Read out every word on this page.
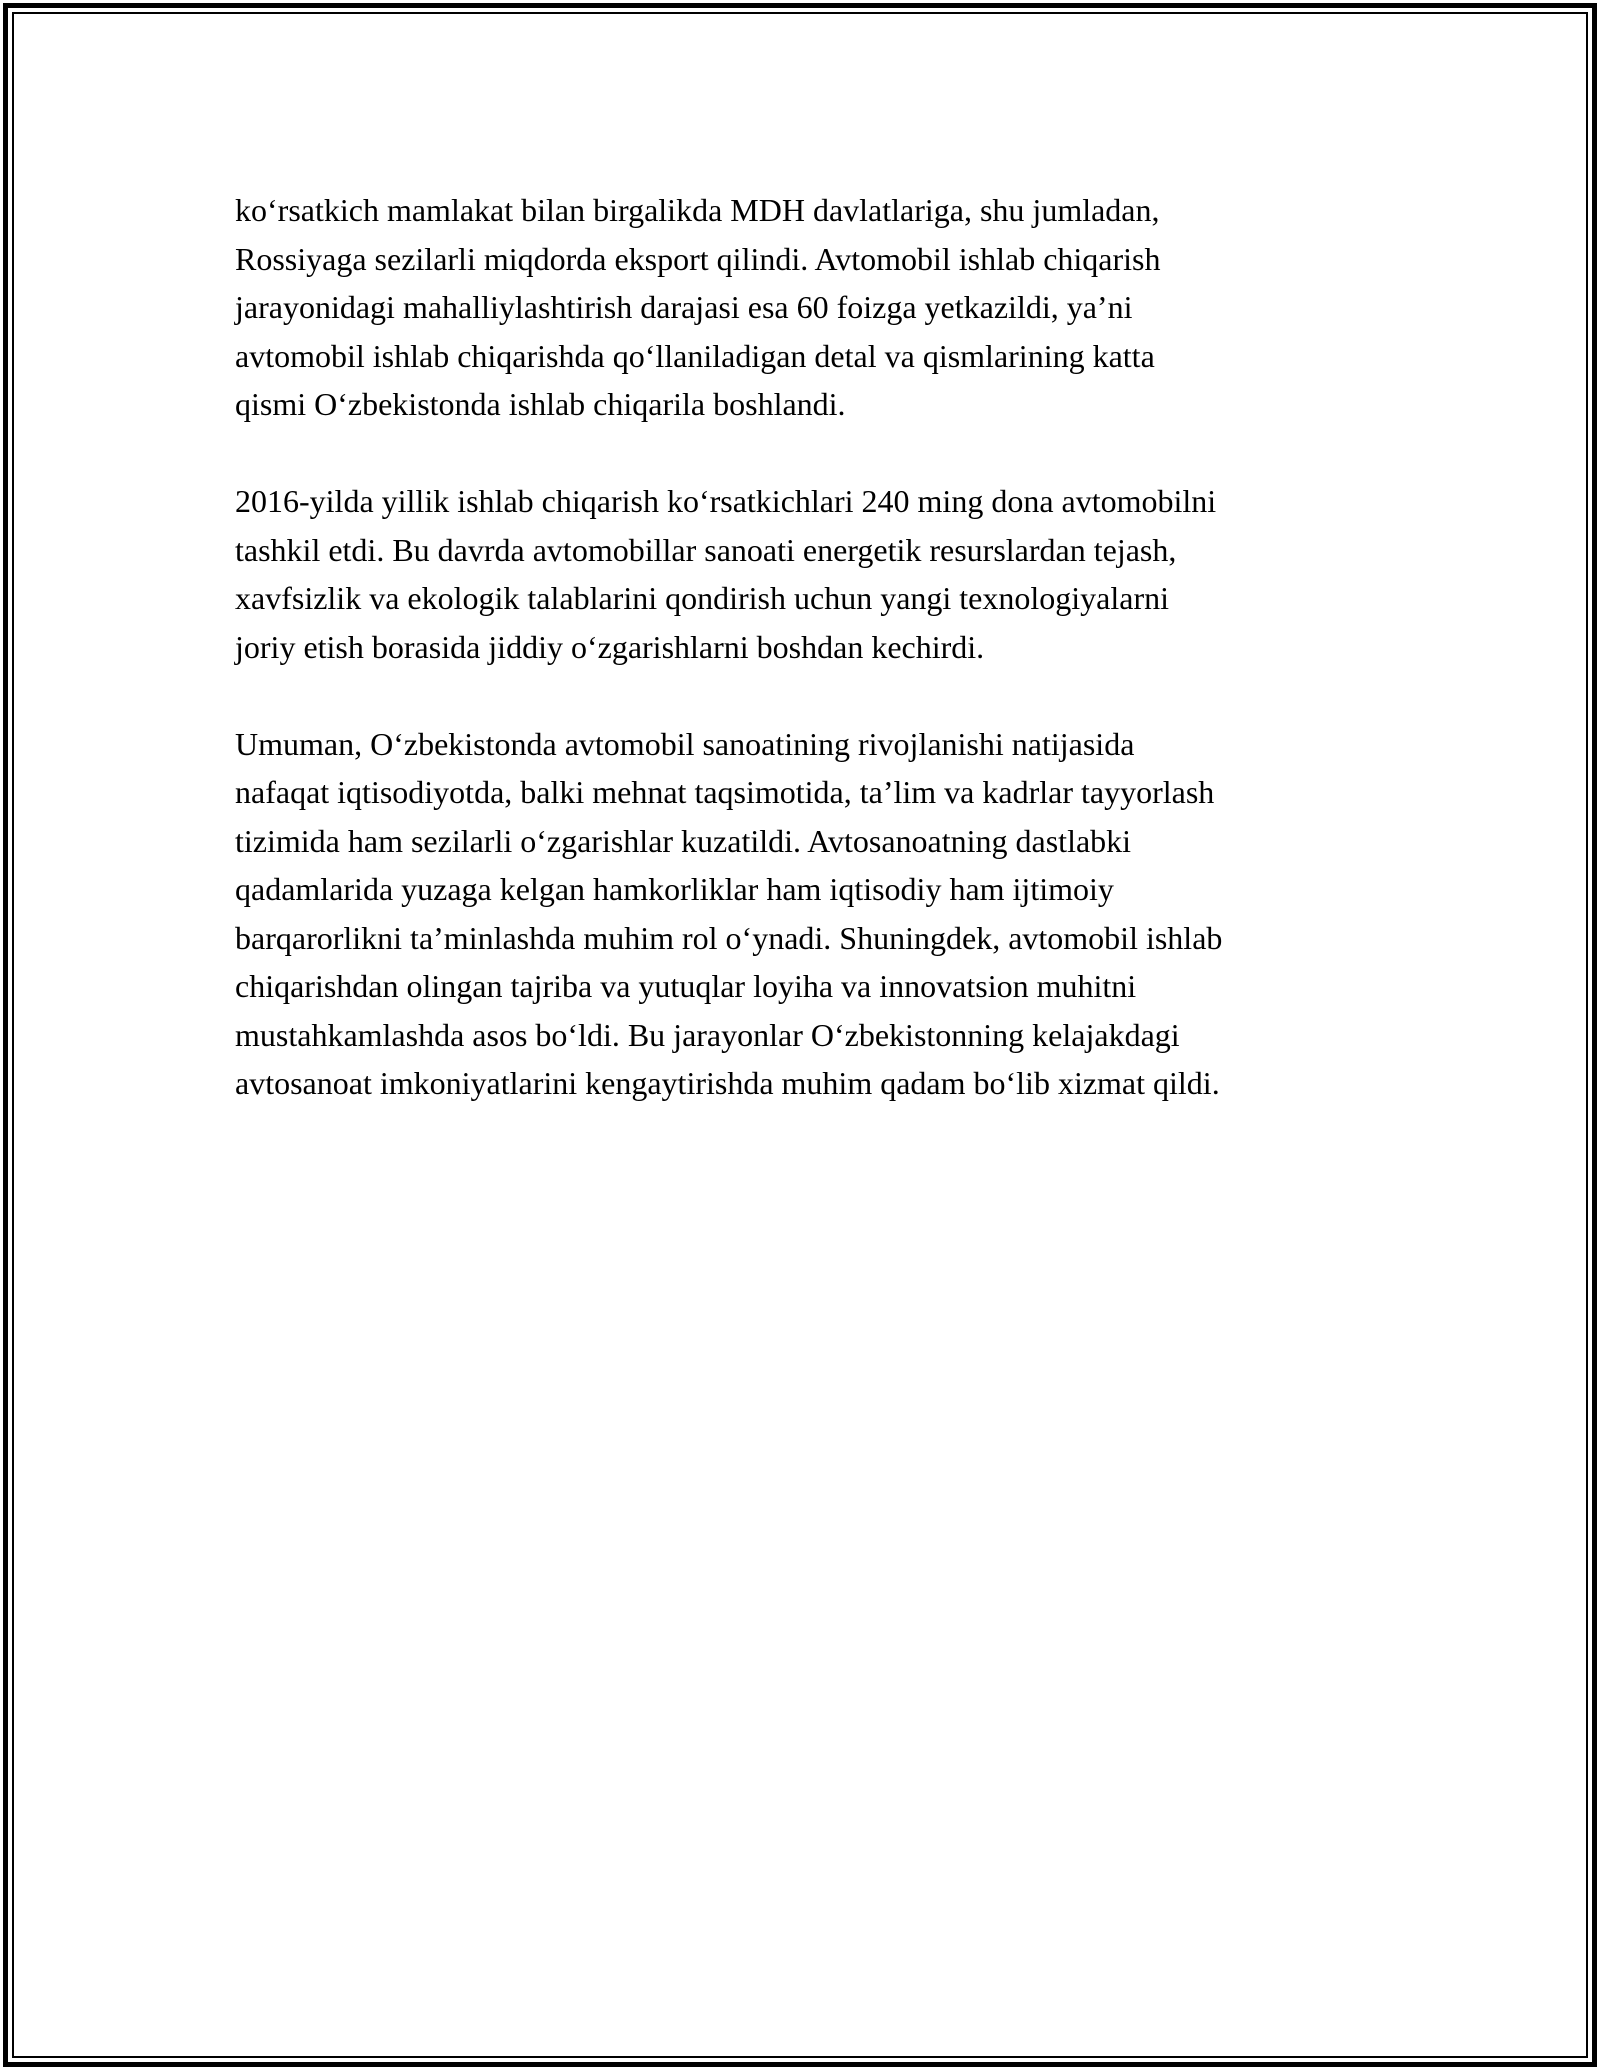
ko‘rsatkich mamlakat bilan birgalikda MDH davlatlariga, shu jumladan,
Rossiyaga sezilarli miqdorda eksport qilindi. Avtomobil ishlab chiqarish
jarayonidagi mahalliylashtirish darajasi esa 60 foizga yetkazildi, ya’ni
avtomobil ishlab chiqarishda qo‘llaniladigan detal va qismlarining katta
qismi O‘zbekistonda ishlab chiqarila boshlandi.

2016-yilda yillik ishlab chiqarish ko‘rsatkichlari 240 ming dona avtomobilni
tashkil etdi. Bu davrda avtomobillar sanoati energetik resurslardan tejash,
xavfsizlik va ekologik talablarini qondirish uchun yangi texnologiyalarni
joriy etish borasida jiddiy o‘zgarishlarni boshdan kechirdi.

Umuman, O‘zbekistonda avtomobil sanoatining rivojlanishi natijasida
nafaqat iqtisodiyotda, balki mehnat taqsimotida, ta’lim va kadrlar tayyorlash
tizimida ham sezilarli o‘zgarishlar kuzatildi. Avtosanoatning dastlabki
qadamlarida yuzaga kelgan hamkorliklar ham iqtisodiy ham ijtimoiy
barqarorlikni ta’minlashda muhim rol o‘ynadi. Shuningdek, avtomobil ishlab
chiqarishdan olingan tajriba va yutuqlar loyiha va innovatsion muhitni
mustahkamlashda asos bo‘ldi. Bu jarayonlar O‘zbekistonning kelajakdagi
avtosanoat imkoniyatlarini kengaytirishda muhim qadam bo‘lib xizmat qildi.
